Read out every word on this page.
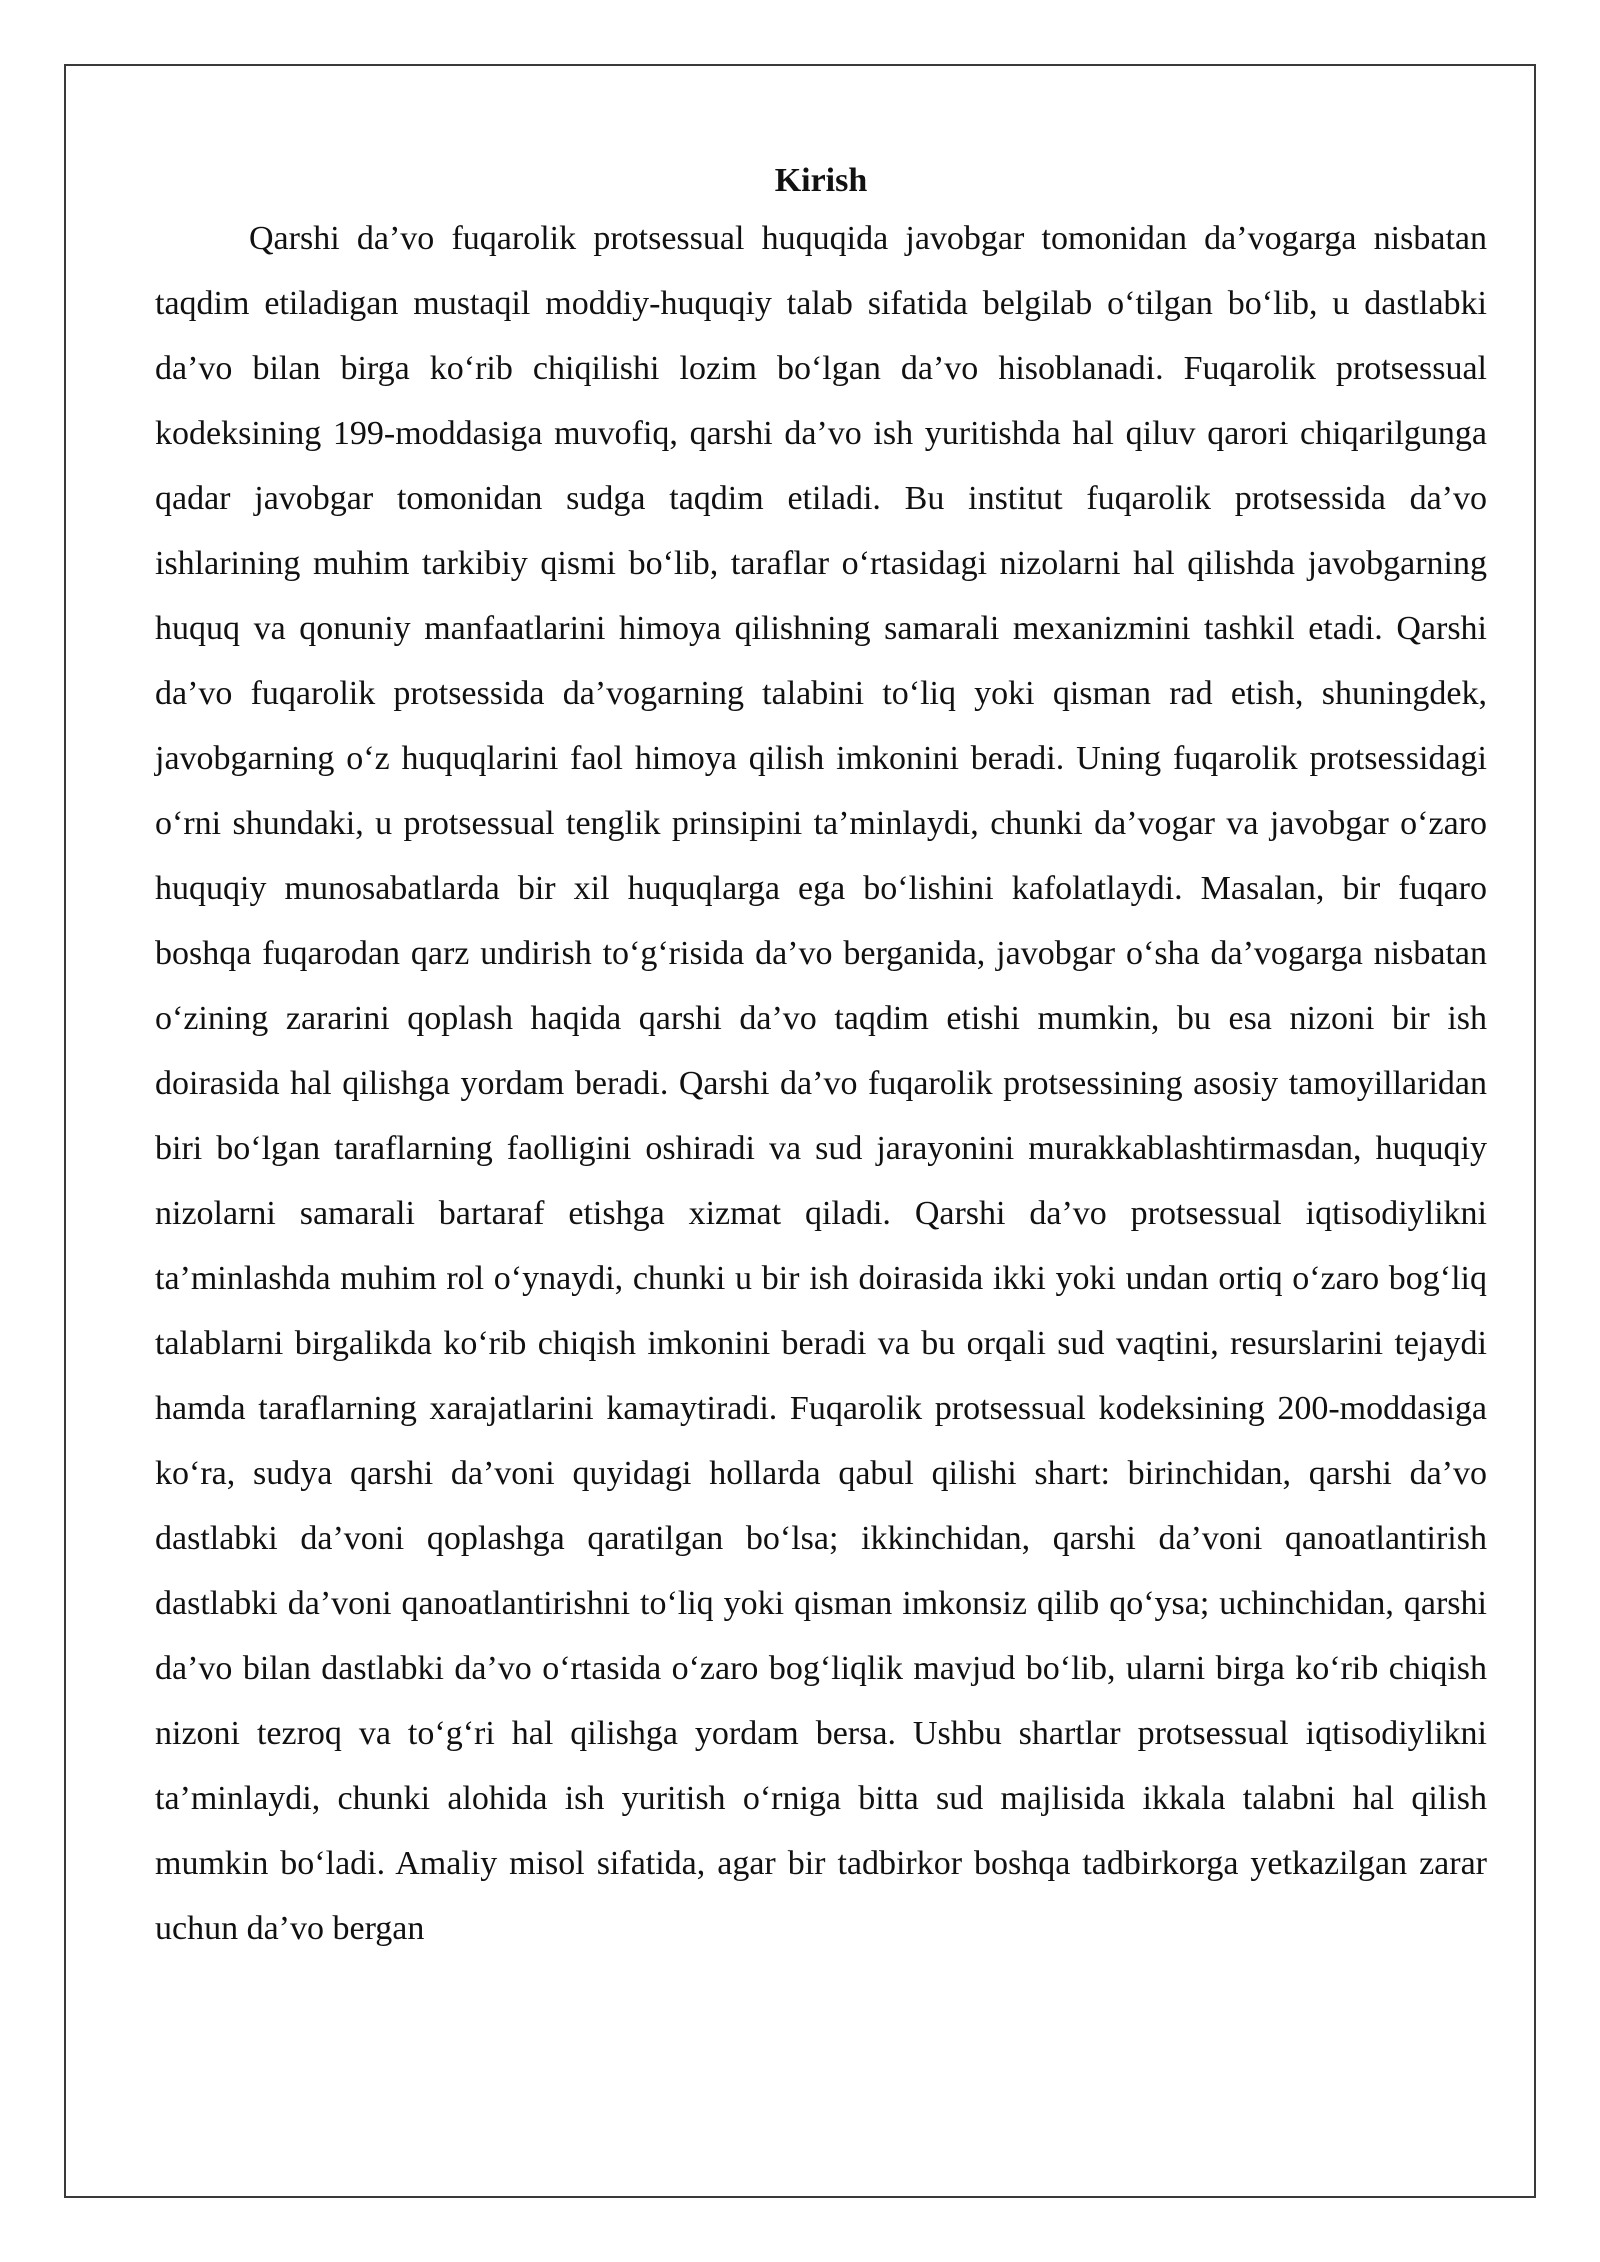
Kirish

Qarshi da’vo fuqarolik protsessual huquqida javobgar tomonidan da’vogarga nisbatan taqdim etiladigan mustaqil moddiy-huquqiy talab sifatida belgilab o‘tilgan bo‘lib, u dastlabki da’vo bilan birga ko‘rib chiqilishi lozim bo‘lgan da’vo hisoblanadi. Fuqarolik protsessual kodeksining 199-moddasiga muvofiq, qarshi da’vo ish yuritishda hal qiluv qarori chiqarilgunga qadar javobgar tomonidan sudga taqdim etiladi. Bu institut fuqarolik protsessida da’vo ishlarining muhim tarkibiy qismi bo‘lib, taraflar o‘rtasidagi nizolarni hal qilishda javobgarning huquq va qonuniy manfaatlarini himoya qilishning samarali mexanizmini tashkil etadi. Qarshi da’vo fuqarolik protsessida da’vogarning talabini to‘liq yoki qisman rad etish, shuningdek, javobgarning o‘z huquqlarini faol himoya qilish imkonini beradi. Uning fuqarolik protsessidagi o‘rni shundaki, u protsessual tenglik prinsipini ta’minlaydi, chunki da’vogar va javobgar o‘zaro huquqiy munosabatlarda bir xil huquqlarga ega bo‘lishini kafolatlaydi. Masalan, bir fuqaro boshqa fuqarodan qarz undirish to‘g‘risida da’vo berganida, javobgar o‘sha da’vogarga nisbatan o‘zining zararini qoplash haqida qarshi da’vo taqdim etishi mumkin, bu esa nizoni bir ish doirasida hal qilishga yordam beradi. Qarshi da’vo fuqarolik protsessining asosiy tamoyillaridan biri bo‘lgan taraflarning faolligini oshiradi va sud jarayonini murakkablashtirmasdan, huquqiy nizolarni samarali bartaraf etishga xizmat qiladi. Qarshi da’vo protsessual iqtisodiylikni ta’minlashda muhim rol o‘ynaydi, chunki u bir ish doirasida ikki yoki undan ortiq o‘zaro bog‘liq talablarni birgalikda ko‘rib chiqish imkonini beradi va bu orqali sud vaqtini, resurslarini tejaydi hamda taraflarning xarajatlarini kamaytiradi. Fuqarolik protsessual kodeksining 200-moddasiga ko‘ra, sudya qarshi da’voni quyidagi hollarda qabul qilishi shart: birinchidan, qarshi da’vo dastlabki da’voni qoplashga qaratilgan bo‘lsa; ikkinchidan, qarshi da’voni qanoatlantirish dastlabki da’voni qanoatlantirishni to‘liq yoki qisman imkonsiz qilib qo‘ysa; uchinchidan, qarshi da’vo bilan dastlabki da’vo o‘rtasida o‘zaro bog‘liqlik mavjud bo‘lib, ularni birga ko‘rib chiqish nizoni tezroq va to‘g‘ri hal qilishga yordam bersa. Ushbu shartlar protsessual iqtisodiylikni ta’minlaydi, chunki alohida ish yuritish o‘rniga bitta sud majlisida ikkala talabni hal qilish mumkin bo‘ladi. Amaliy misol sifatida, agar bir tadbirkor boshqa tadbirkorga yetkazilgan zarar uchun da’vo bergan
